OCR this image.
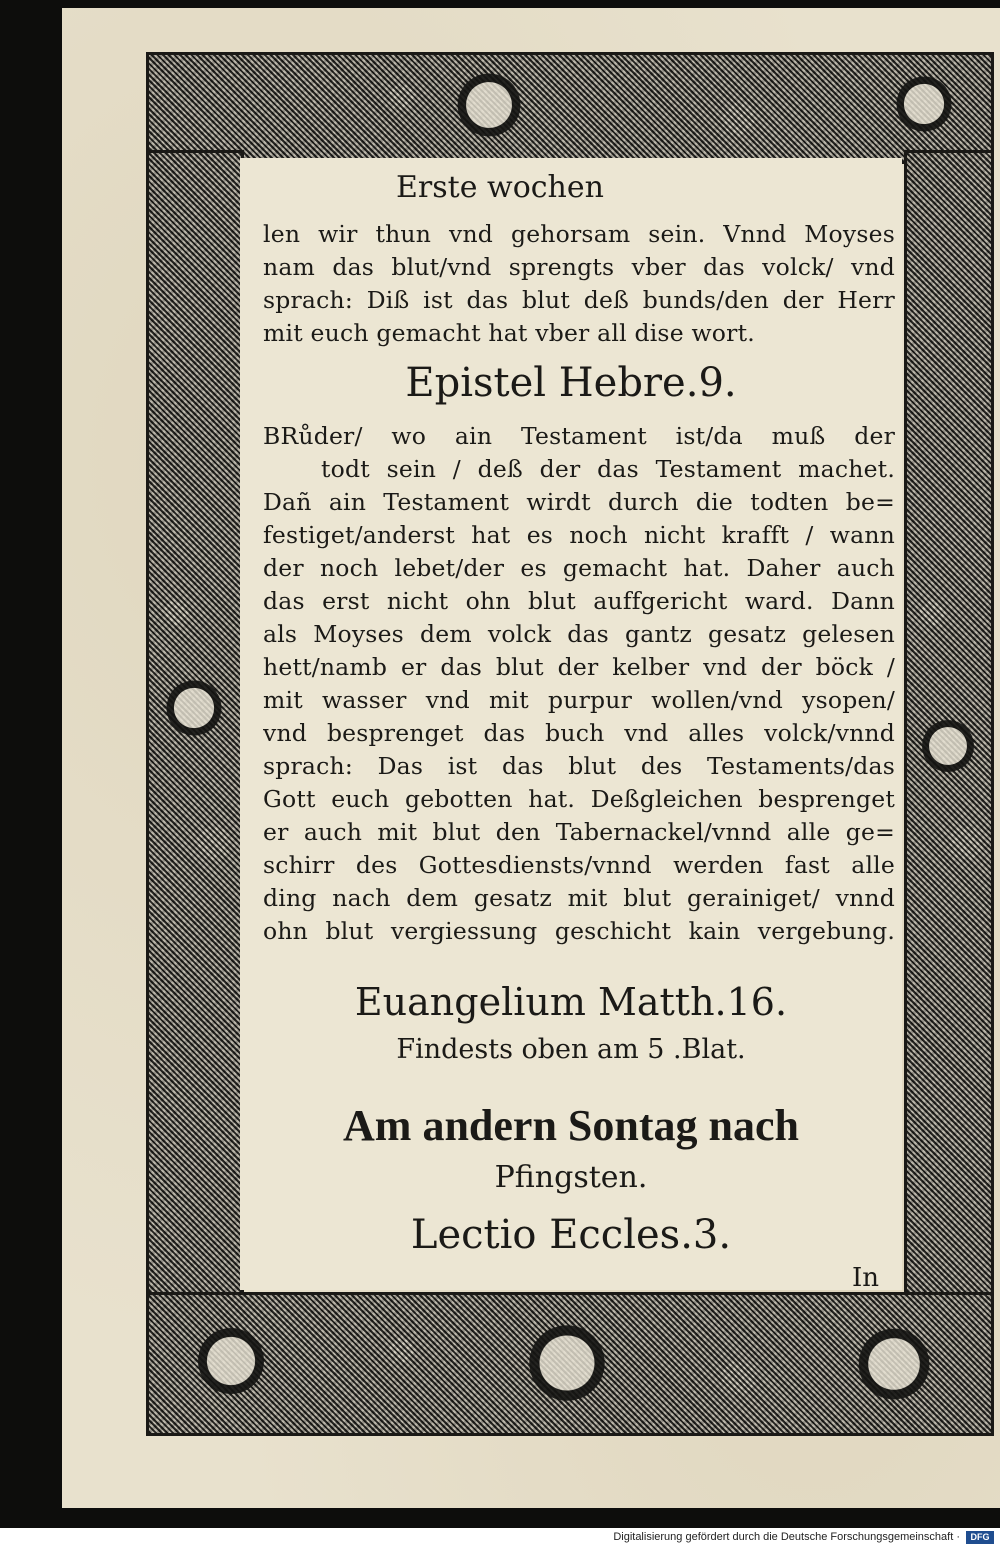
Erste wochen
len wir thun vnd gehorsam sein. Vnnd Moyses
nam das blut/vnd sprengts vber das volck/ vnd
sprach: Diß ist das blut deß bunds/den der Herr
mit euch gemacht hat vber all dise wort.
Epistel Hebre.9.
BRůder/ wo ain Testament ist/da muß der
todt sein / deß der das Testament machet.
Dañ ain Testament wirdt durch die todten be=
festiget/anderst hat es noch nicht krafft / wann
der noch lebet/der es gemacht hat. Daher auch
das erst nicht ohn blut auffgericht ward. Dann
als Moyses dem volck das gantz gesatz gelesen
hett/namb er das blut der kelber vnd der böck /
mit wasser vnd mit purpur wollen/vnd ysopen/
vnd besprenget das buch vnd alles volck/vnnd
sprach: Das ist das blut des Testaments/das
Gott euch gebotten hat. Deßgleichen besprenget
er auch mit blut den Tabernackel/vnnd alle ge=
schirr des Gottesdiensts/vnnd werden fast alle
ding nach dem gesatz mit blut gerainiget/ vnnd
ohn blut vergiessung geschicht kain vergebung.
Euangelium Matth.16.

Findests oben am 5 .Blat.

Am andern Sontag nach
Pfingsten.
Lectio Eccles.3.

In

Digitalisierung gefördert durch die Deutsche Forschungsgemeinschaft ·	DFG
